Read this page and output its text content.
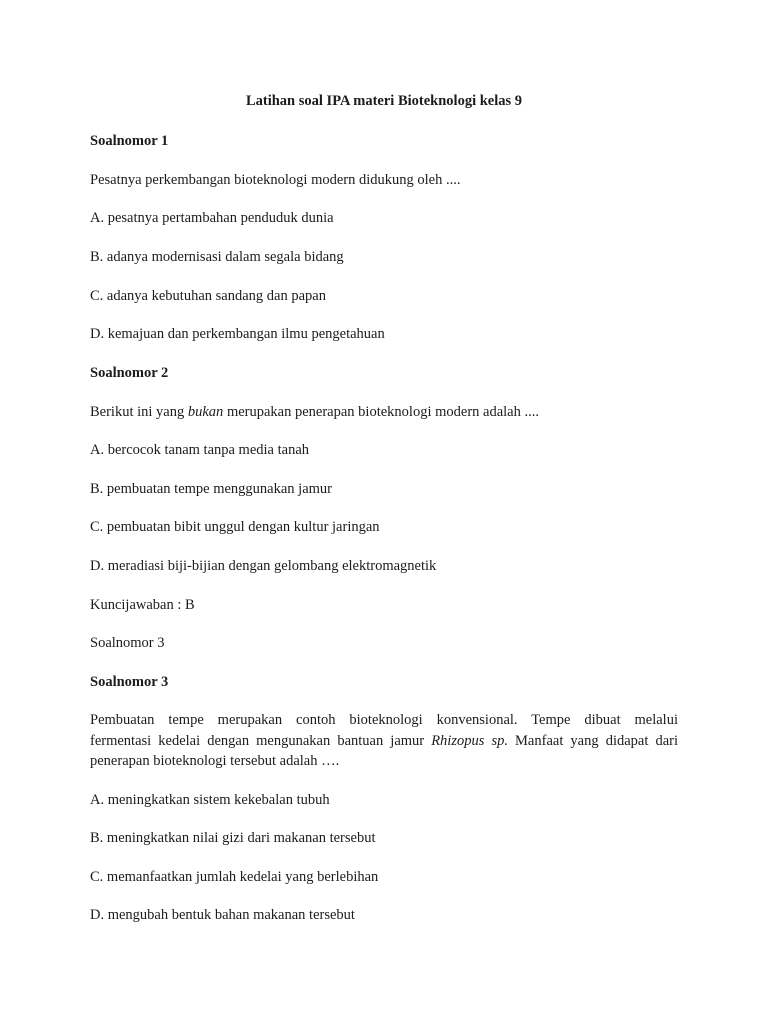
Latihan soal IPA materi Bioteknologi kelas 9
Soalnomor 1
Pesatnya perkembangan bioteknologi modern didukung oleh ....
A. pesatnya pertambahan penduduk dunia
B. adanya modernisasi dalam segala bidang
C. adanya kebutuhan sandang dan papan
D. kemajuan dan perkembangan ilmu pengetahuan
Soalnomor 2
Berikut ini yang bukan merupakan penerapan bioteknologi modern adalah ....
A. bercocok tanam tanpa media tanah
B. pembuatan tempe menggunakan jamur
C. pembuatan bibit unggul dengan kultur jaringan
D. meradiasi biji-bijian dengan gelombang elektromagnetik
Kuncijawaban : B
Soalnomor 3
Soalnomor 3
Pembuatan tempe merupakan contoh bioteknologi konvensional. Tempe dibuat melalui
fermentasi kedelai dengan mengunakan bantuan jamur Rhizopus sp. Manfaat yang didapat dari
penerapan bioteknologi tersebut adalah ….
A. meningkatkan sistem kekebalan tubuh
B. meningkatkan nilai gizi dari makanan tersebut
C. memanfaatkan jumlah kedelai yang berlebihan
D. mengubah bentuk bahan makanan tersebut
